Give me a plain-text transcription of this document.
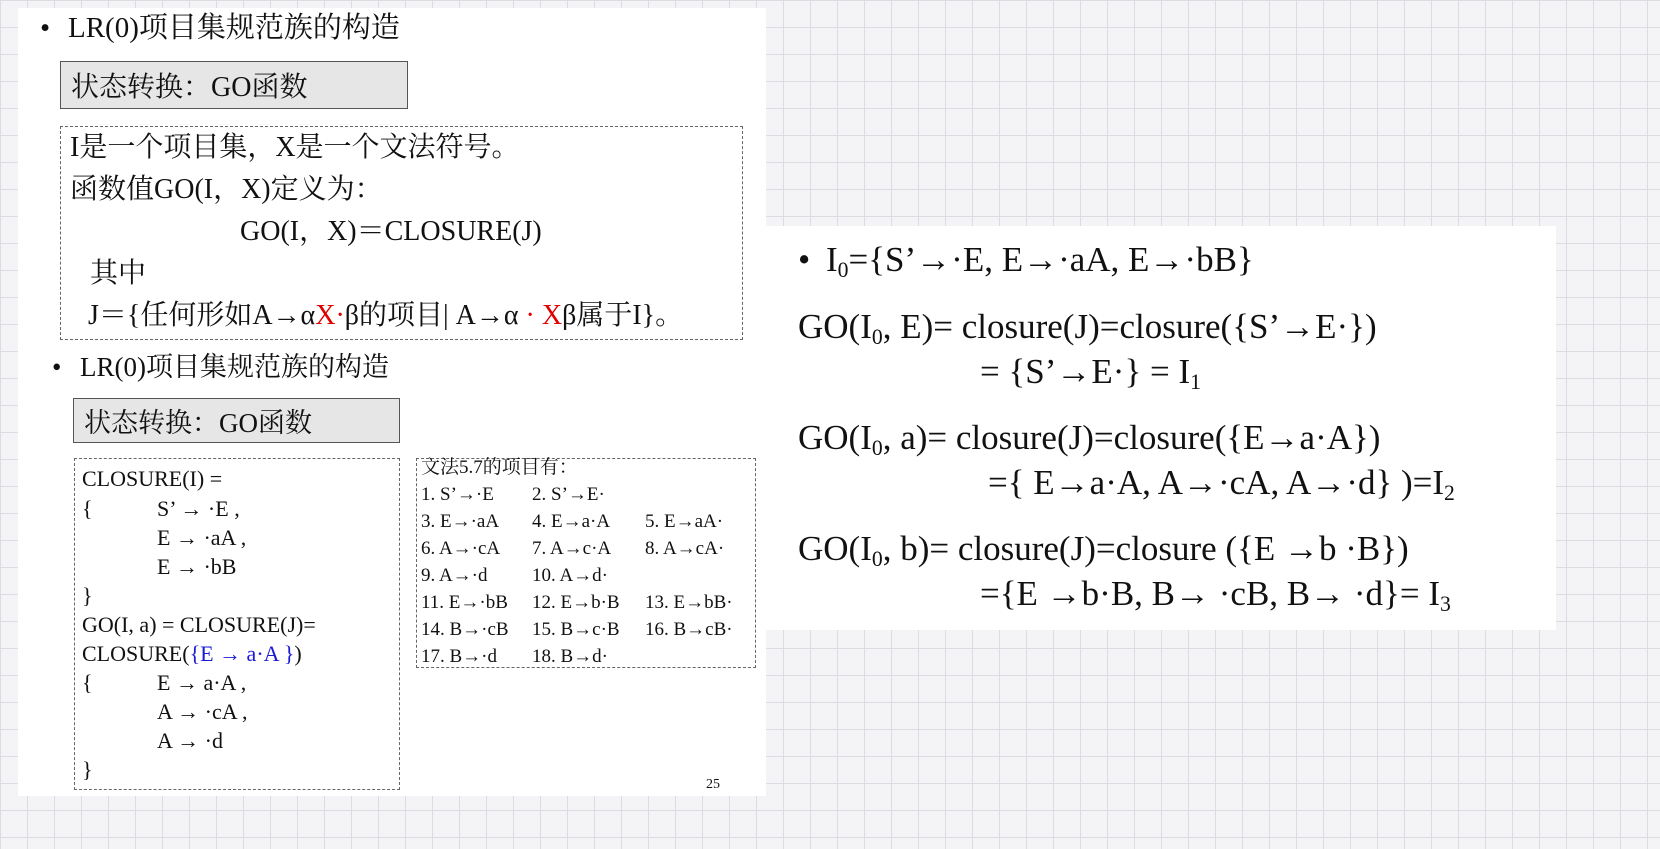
• LR(0)项目集规范族的构造
状态转换：GO函数
I是一个项目集，X是一个文法符号。
函数值GO(I，X)定义为：
GO(I，X)＝CLOSURE(J)
其中
J＝{任何形如A→αX·β的项目| A→α · Xβ属于I}。
• LR(0)项目集规范族的构造
状态转换：GO函数
CLOSURE(I) =
{	S’ → ·E ,
E → ·aA ,
E → ·bB
}
GO(I, a) = CLOSURE(J)=
CLOSURE({E → a·A })
{	E → a·A ,
A → ·cA ,
A → ·d
}
文法5.7的项目有：
1. S’→·E 2. S’→E·
3. E→·aA 4. E→a·A 5. E→aA·
6. A→·cA 7. A→c·A 8. A→cA·
9. A→·d 10. A→d·
11. E→·bB 12. E→b·B 13. E→bB·
14. B→·cB 15. B→c·B 16. B→cB·
17. B→·d 18. B→d·
25
• $I_0=\{S’\to\cdot E$, E→·aA, E→·bB}
$GO(I_0$, E)= closure(J)=closure({S’→E·})
= {S’→E·} = $I_1$
$GO(I_0$, a)= closure(J)=closure({E→a·A})
={ E→a·A, A→·cA, A→·d} )$=I_2$
$GO(I_0$, b)= closure(J)=closure ({E →b ·B})
={E →b·B, B→ ·cB, $B\to \cdot d\}= I_3$
